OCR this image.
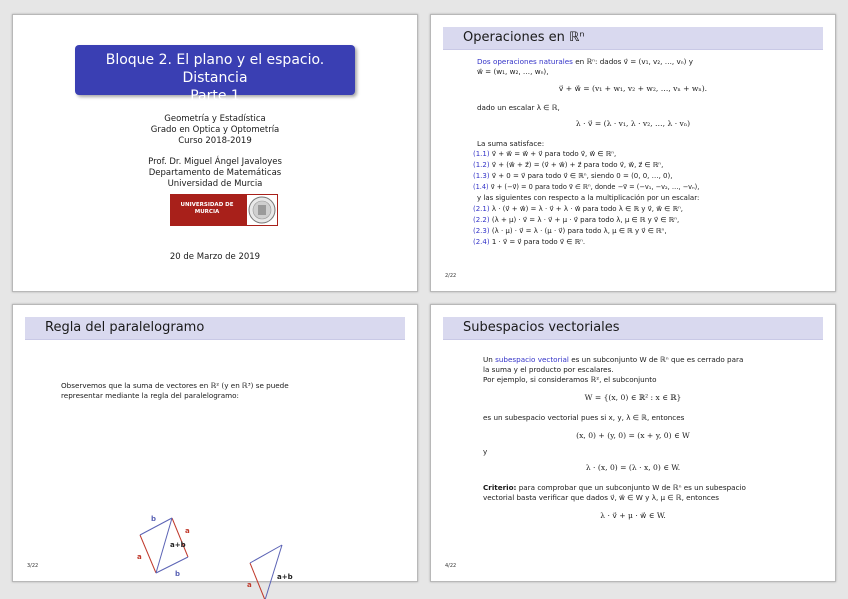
Bloque 2. El plano y el espacio. Distancia
Parte 1
Geometría y Estadística
Grado en Optica y Optometría
Curso 2018-2019
Prof. Dr. Miguel Ángel Javaloyes
Departamento de Matemáticas
Universidad de Murcia
UNIVERSIDAD DE
MURCIA
20 de Marzo de 2019
Operaciones en ℝⁿ
Dos operaciones naturales en ℝⁿ: dados v⃗ = (v₁, v₂, …, vₙ) y
w⃗ = (w₁, w₂, …, wₙ),
v⃗ + w⃗ = (v₁ + w₁, v₂ + w₂, …, vₙ + wₙ).
dado un escalar λ ∈ ℝ,
λ · v⃗ = (λ · v₁, λ · v₂, …, λ · vₙ)
La suma satisface:
(1.1) v⃗ + w⃗ = w⃗ + v⃗ para todo v⃗, w⃗ ∈ ℝⁿ,
(1.2) v⃗ + (w⃗ + z⃗) = (v⃗ + w⃗) + z⃗ para todo v⃗, w⃗, z⃗ ∈ ℝⁿ,
(1.3) v⃗ + 0 = v⃗ para todo v⃗ ∈ ℝⁿ, siendo 0 = (0, 0, …, 0),
(1.4) v⃗ + (−v⃗) = 0 para todo v⃗ ∈ ℝⁿ, donde −v⃗ = (−v₁, −v₂, …, −vₙ),
y las siguientes con respecto a la multiplicación por un escalar:
(2.1) λ · (v⃗ + w⃗) = λ · v⃗ + λ · w⃗ para todo λ ∈ ℝ y v⃗, w⃗ ∈ ℝⁿ,
(2.2) (λ + μ) · v⃗ = λ · v⃗ + μ · v⃗ para todo λ, μ ∈ ℝ y v⃗ ∈ ℝⁿ,
(2.3) (λ · μ) · v⃗ = λ · (μ · v⃗) para todo λ, μ ∈ ℝ y v⃗ ∈ ℝⁿ,
(2.4) 1 · v⃗ = v⃗ para todo v⃗ ∈ ℝⁿ.
2/22
Regla del paralelogramo
Observemos que la suma de vectores en ℝ² (y en ℝ³) se puede
representar mediante la regla del paralelogramo:
a
b
a
b
a+b
a
a+b
3/22
Subespacios vectoriales
Un subespacio vectorial es un subconjunto W de ℝⁿ que es cerrado para
la suma y el producto por escalares.
Por ejemplo, si consideramos ℝ², el subconjunto
W = {(x, 0) ∈ ℝ² : x ∈ ℝ}
es un subespacio vectorial pues si x, y, λ ∈ ℝ, entonces
(x, 0) + (y, 0) = (x + y, 0) ∈ W
y
λ · (x, 0) = (λ · x, 0) ∈ W.
Criterio: para comprobar que un subconjunto W de ℝⁿ es un subespacio
vectorial basta verificar que dados v⃗, w⃗ ∈ W y λ, μ ∈ ℝ, entonces
λ · v⃗ + μ · w⃗ ∈ W.
4/22
